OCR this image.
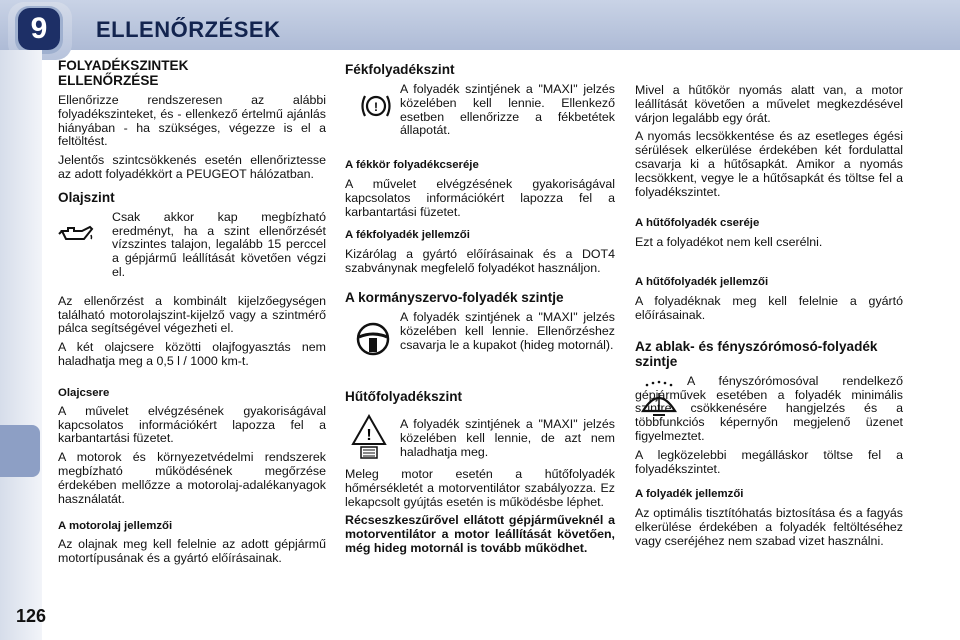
9	ELLENŐRZÉSEK
126
FOLYADÉKSZINTEK ELLENŐRZÉSE

Ellenőrizze rendszeresen az alábbi folyadékszinteket, és - ellenkező értelmű ajánlás hiányában - ha szükséges, végezze is el a feltöltést.

Jelentős szintcsökkenés esetén ellenőriztesse az adott folyadékkört a PEUGEOT hálózatban.

Olajszint

Csak akkor kap megbízható eredményt, ha a szint ellenőrzését vízszintes talajon, legalább 15 perccel a gépjármű leállítását követően végzi el.

Az ellenőrzést a kombinált kijelzőegységen található motorolajszint-kijelző vagy a szintmérő pálca segítségével végezheti el.

A két olajcsere közötti olajfogyasztás nem haladhatja meg a 0,5 l / 1000 km-t.

Olajcsere

A művelet elvégzésének gyakoriságával kapcsolatos információkért lapozza fel a karbantartási füzetet.

A motorok és környezetvédelmi rendszerek megbízható működésének megőrzése érdekében mellőzze a motorolaj-adalékanyagok használatát.

A motorolaj jellemzői

Az olajnak meg kell felelnie az adott gépjármű motortípusának és a gyártó előírásainak.

Fékfolyadékszint
!

A folyadék szintjének a "MAXI" jelzés közelében kell lennie. Ellenkező esetben ellenőrizze a fékbetétek állapotát.

A fékkör folyadékcseréje

A művelet elvégzésének gyakoriságával kapcsolatos információkért lapozza fel a karbantartási füzetet.

A fékfolyadék jellemzői

Kizárólag a gyártó előírásainak és a DOT4 szabványnak megfelelő folyadékot használjon.

A kormányszervo-folyadék szintje

A folyadék szintjének a "MAXI" jelzés közelében kell lennie. Ellenőrzéshez csavarja le a kupakot (hideg motornál).

Hűtőfolyadékszint
!

A folyadék szintjének a "MAXI" jelzés közelében kell lennie, de azt nem haladhatja meg.

Meleg motor esetén a hűtőfolyadék hőmérsékletét a motorventilátor szabályozza. Ez lekapcsolt gyújtás esetén is működésbe léphet.

Récseszkeszűrővel ellátott gépjárműveknél a motorventilátor a motor leállítását követően, még hideg motornál is tovább működhet.

Mivel a hűtőkör nyomás alatt van, a motor leállítását követően a művelet megkezdésével várjon legalább egy órát.

A nyomás lecsökkentése és az esetleges égési sérülések elkerülése érdekében két fordulattal csavarja ki a hűtősapkát. Amikor a nyomás lecsökkent, vegye le a hűtősapkát és töltse fel a folyadékszintet.

A hűtőfolyadék cseréje

Ezt a folyadékot nem kell cserélni.

A hűtőfolyadék jellemzői

A folyadéknak meg kell felelnie a gyártó előírásainak.

Az ablak- és fényszórómosó-folyadék szintje

A fényszórómosóval rendelkező gépjárművek esetében a folyadék minimális szintre csökkenésére hangjelzés és a többfunkciós képernyőn megjelenő üzenet figyelmeztet.

A legközelebbi megálláskor töltse fel a folyadékszintet.

A folyadék jellemzői

Az optimális tisztítóhatás biztosítása és a fagyás elkerülése érdekében a folyadék feltöltéséhez vagy cseréjéhez nem szabad vizet használni.
